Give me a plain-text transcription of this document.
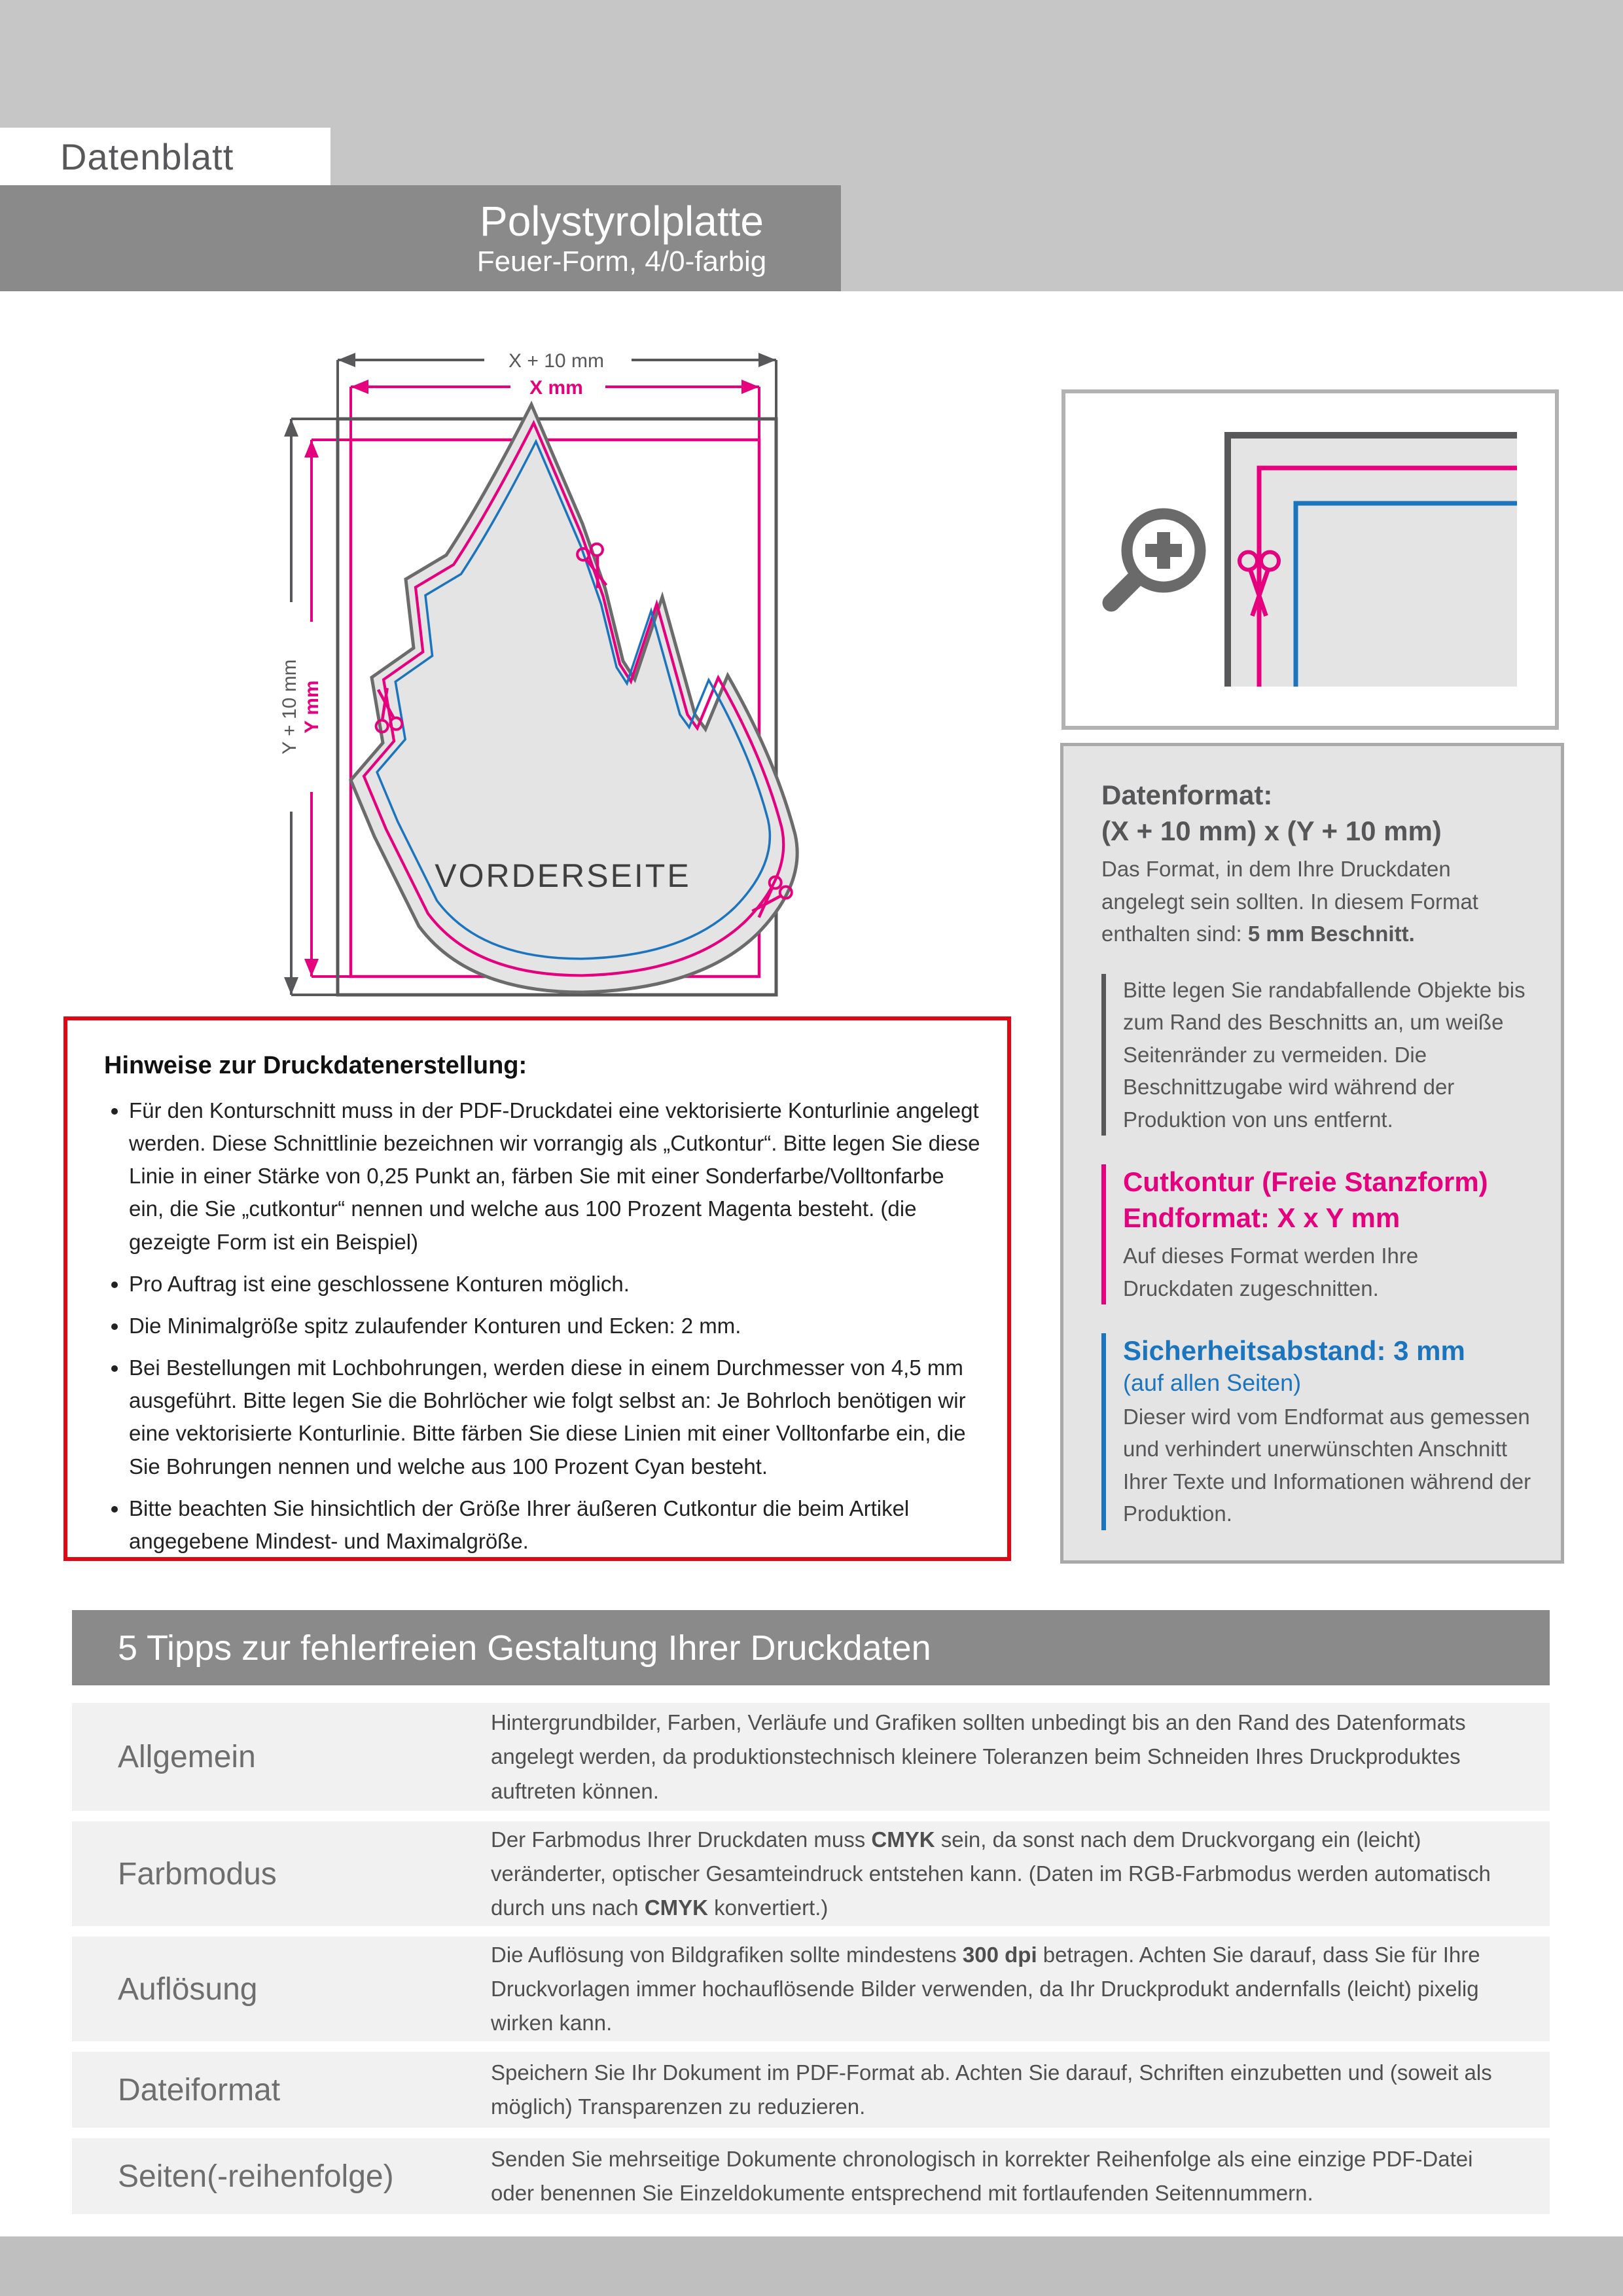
Datenblatt
Polystyrolplatte
Feuer-Form, 4/0-farbig
X + 10 mm
X mm
Y + 10 mm Y mm
VORDERSEITE
Datenformat:
(X + 10 mm) x (Y + 10 mm)

Das Format, in dem Ihre Druckdaten angelegt sein sollten. In diesem Format enthalten sind: 5 mm Beschnitt.

Bitte legen Sie randabfallende Objekte bis zum Rand des Beschnitts an, um weiße Seitenränder zu vermeiden. Die Beschnittzugabe wird während der Produktion von uns entfernt.

Cutkontur (Freie Stanzform)
Endformat: X x Y mm

Auf dieses Format werden Ihre Druckdaten zugeschnitten.

Sicherheitsabstand: 3 mm
(auf allen Seiten)

Dieser wird vom Endformat aus gemessen und verhindert unerwünschten Anschnitt Ihrer Texte und Informationen während der Produktion.

Hinweise zur Druckdatenerstellung:
• Für den Konturschnitt muss in der PDF-Druckdatei eine vektorisierte Konturlinie angelegt werden. Diese Schnittlinie bezeichnen wir vorrangig als „Cutkontur“. Bitte legen Sie diese Linie in einer Stärke von 0,25 Punkt an, färben Sie mit einer Sonderfarbe/Volltonfarbe ein, die Sie „cutkontur“ nennen und welche aus 100 Prozent Magenta besteht. (die gezeigte Form ist ein Beispiel)
• Pro Auftrag ist eine geschlossene Konturen möglich.
• Die Minimalgröße spitz zulaufender Konturen und Ecken: 2 mm.
• Bei Bestellungen mit Lochbohrungen, werden diese in einem Durchmesser von 4,5 mm ausgeführt. Bitte legen Sie die Bohrlöcher wie folgt selbst an: Je Bohrloch benötigen wir eine vektorisierte Konturlinie. Bitte färben Sie diese Linien mit einer Volltonfarbe ein, die Sie Bohrungen nennen und welche aus 100 Prozent Cyan besteht.
• Bitte beachten Sie hinsichtlich der Größe Ihrer äußeren Cutkontur die beim Artikel angegebene Mindest- und Maximalgröße.
5 Tipps zur fehlerfreien Gestaltung Ihrer Druckdaten
Allgemein
Hintergrundbilder, Farben, Verläufe und Grafiken sollten unbedingt bis an den Rand des Datenformats angelegt werden, da produktionstechnisch kleinere Toleranzen beim Schneiden Ihres Druckproduktes auftreten können.
Farbmodus
Der Farbmodus Ihrer Druckdaten muss CMYK sein, da sonst nach dem Druckvorgang ein (leicht) veränderter, optischer Gesamteindruck entstehen kann. (Daten im RGB-Farbmodus werden automatisch durch uns nach CMYK konvertiert.)
Auflösung
Die Auflösung von Bildgrafiken sollte mindestens 300 dpi betragen. Achten Sie darauf, dass Sie für Ihre Druckvorlagen immer hochauflösende Bilder verwenden, da Ihr Druckprodukt andernfalls (leicht) pixelig wirken kann.
Dateiformat
Speichern Sie Ihr Dokument im PDF-Format ab. Achten Sie darauf, Schriften einzubetten und (soweit als möglich) Transparenzen zu reduzieren.
Seiten(-reihenfolge)
Senden Sie mehrseitige Dokumente chronologisch in korrekter Reihenfolge als eine einzige PDF-Datei oder benennen Sie Einzeldokumente entsprechend mit fortlaufenden Seitennummern.
